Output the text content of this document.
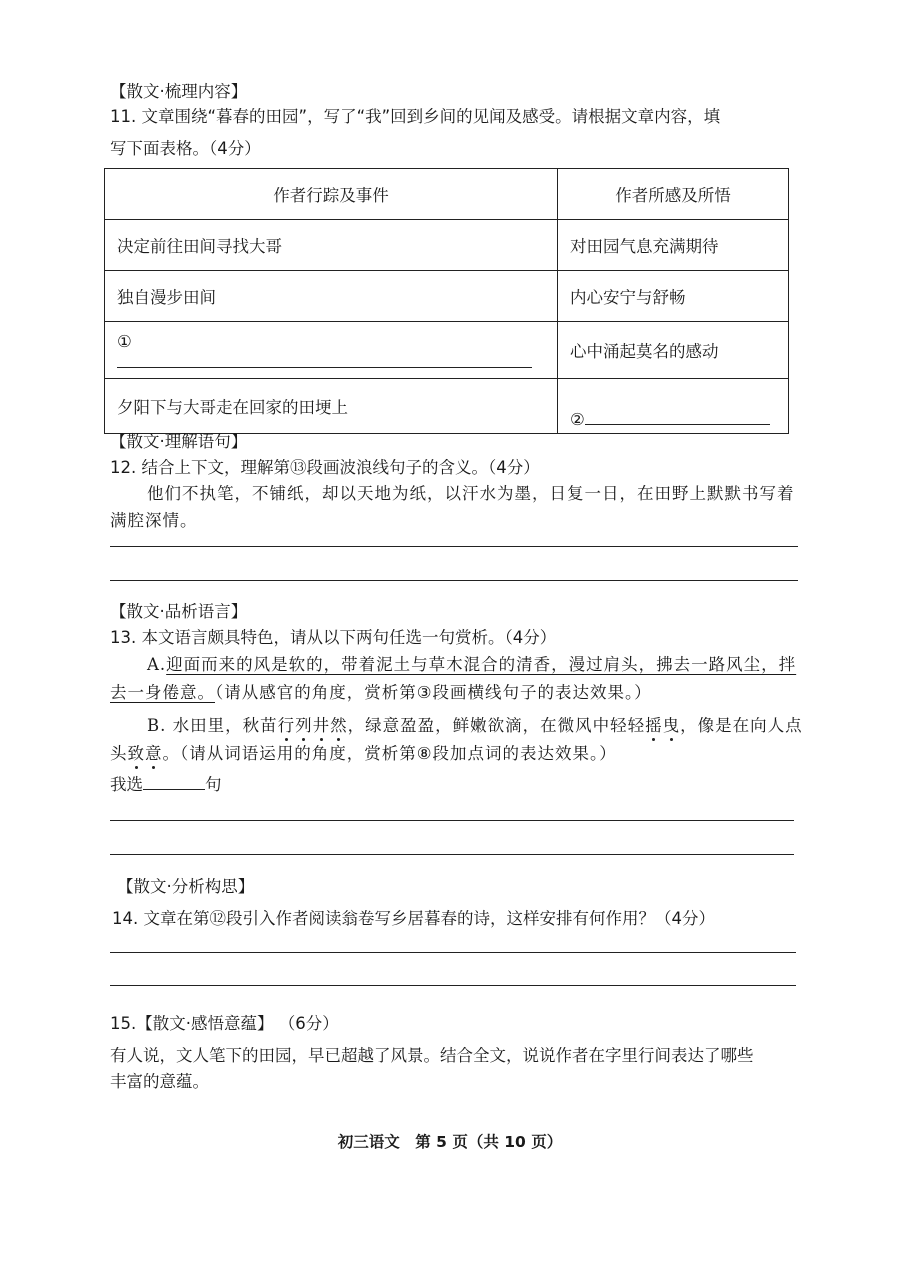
【散文·梳理内容】
11. 文章围绕“暮春的田园”，写了“我”回到乡间的见闻及感受。请根据文章内容，填
写下面表格。（4分）
作者行踪及事件	作者所感及所悟
决定前往田间寻找大哥	对田园气息充满期待
独自漫步田间	内心安宁与舒畅
①	心中涌起莫名的感动
夕阳下与大哥走在回家的田埂上	②
【散文·理解语句】
12. 结合上下文，理解第⑬段画波浪线句子的含义。（4分）
他们不执笔，不铺纸，却以天地为纸，以汗水为墨，日复一日，在田野上默默书写着
满腔深情。
【散文·品析语言】
13. 本文语言颇具特色，请从以下两句任选一句赏析。（4分）
A.迎面而来的风是软的，带着泥土与草木混合的清香，漫过肩头，拂去一路风尘，拌
去一身倦意。（请从感官的角度，赏析第③段画横线句子的表达效果。）
B. 水田里，秋苗行列井然，绿意盈盈，鲜嫩欲滴，在微风中轻轻摇曳，像是在向人点
头致意。（请从词语运用的角度，赏析第⑧段加点词的表达效果。）
我选	句
【散文·分析构思】
14. 文章在第⑫段引入作者阅读翁卷写乡居暮春的诗，这样安排有何作用？（4分）
15.【散文·感悟意蕴】 （6分）
有人说，文人笔下的田园，早已超越了风景。结合全文，说说作者在字里行间表达了哪些
丰富的意蕴。
初三语文　第 5 页（共 10 页）
